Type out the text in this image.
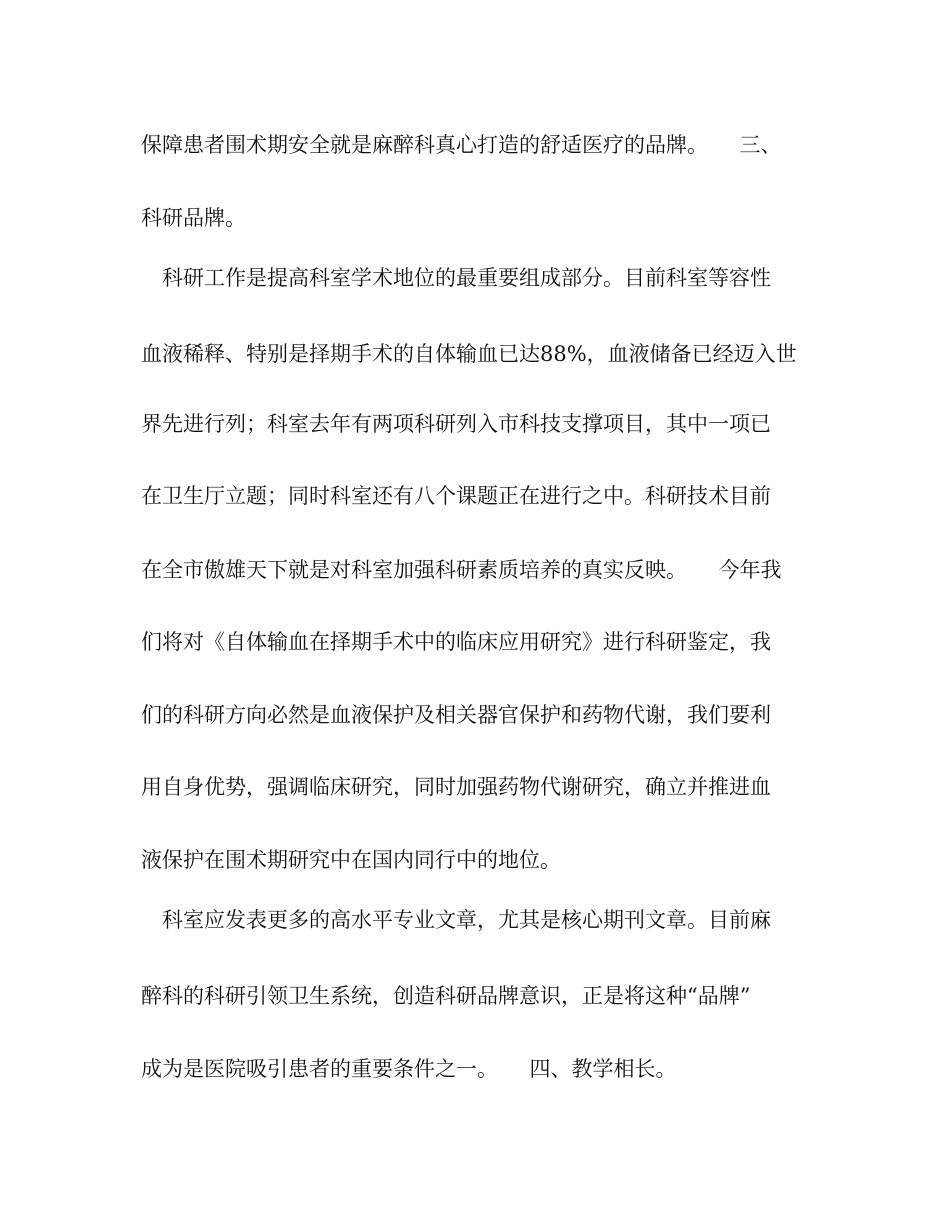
保障患者围术期安全就是麻醉科真心打造的舒适医疗的品牌。　　三、

科研品牌。

科研工作是提高科室学术地位的最重要组成部分。目前科室等容性

血液稀释、特别是择期手术的自体输血已达88%，血液储备已经迈入世

界先进行列；科室去年有两项科研列入市科技支撑项目，其中一项已

在卫生厅立题；同时科室还有八个课题正在进行之中。科研技术目前

在全市傲雄天下就是对科室加强科研素质培养的真实反映。　　今年我

们将对《自体输血在择期手术中的临床应用研究》进行科研鉴定，我

们的科研方向必然是血液保护及相关器官保护和药物代谢，我们要利

用自身优势，强调临床研究，同时加强药物代谢研究，确立并推进血

液保护在围术期研究中在国内同行中的地位。

科室应发表更多的高水平专业文章，尤其是核心期刊文章。目前麻

醉科的科研引领卫生系统，创造科研品牌意识，正是将这种“品牌”

成为是医院吸引患者的重要条件之一。　　四、教学相长。
